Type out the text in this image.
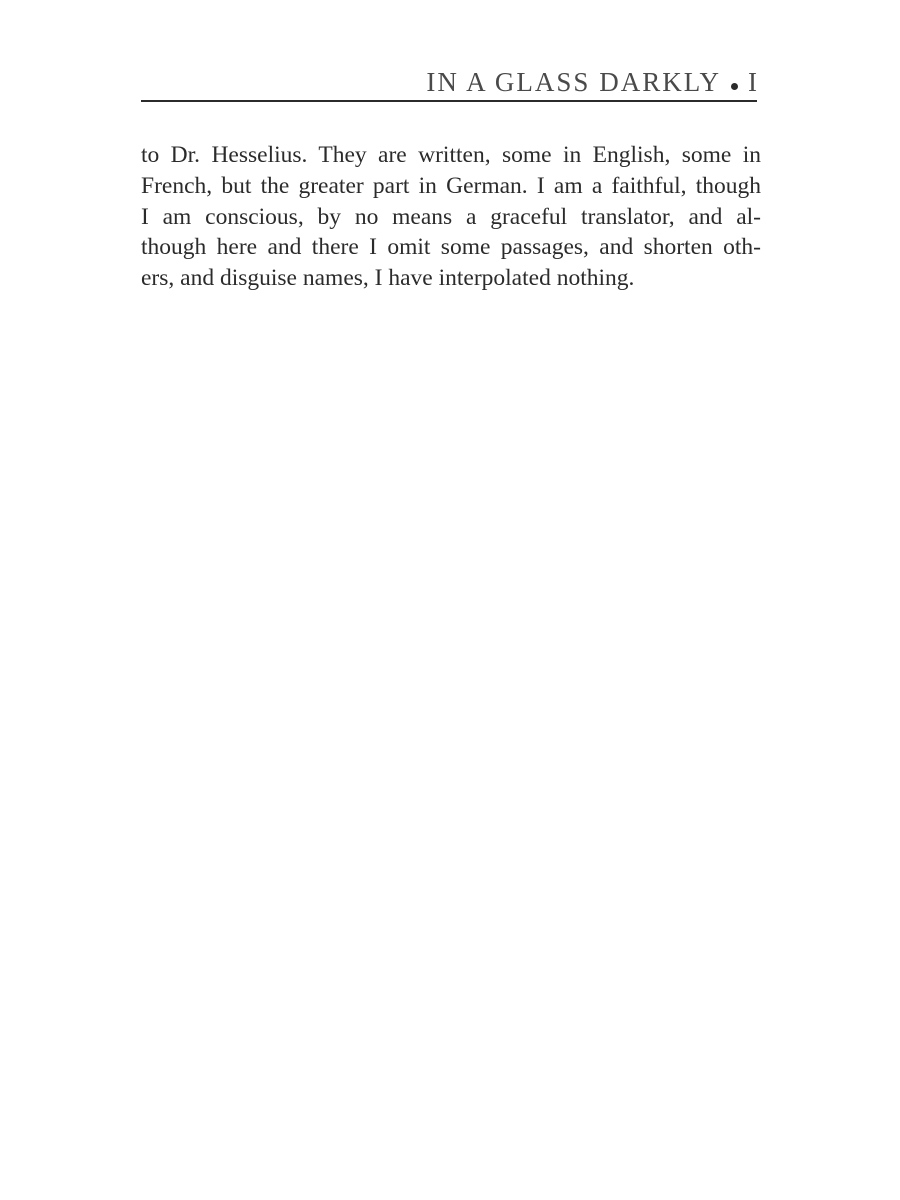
IN A GLASS DARKLY I

to Dr. Hesselius. They are written, some in English, some in
French, but the greater part in German. I am a faithful, though
I am conscious, by no means a graceful translator, and al-
though here and there I omit some passages, and shorten oth-
ers, and disguise names, I have interpolated nothing.
